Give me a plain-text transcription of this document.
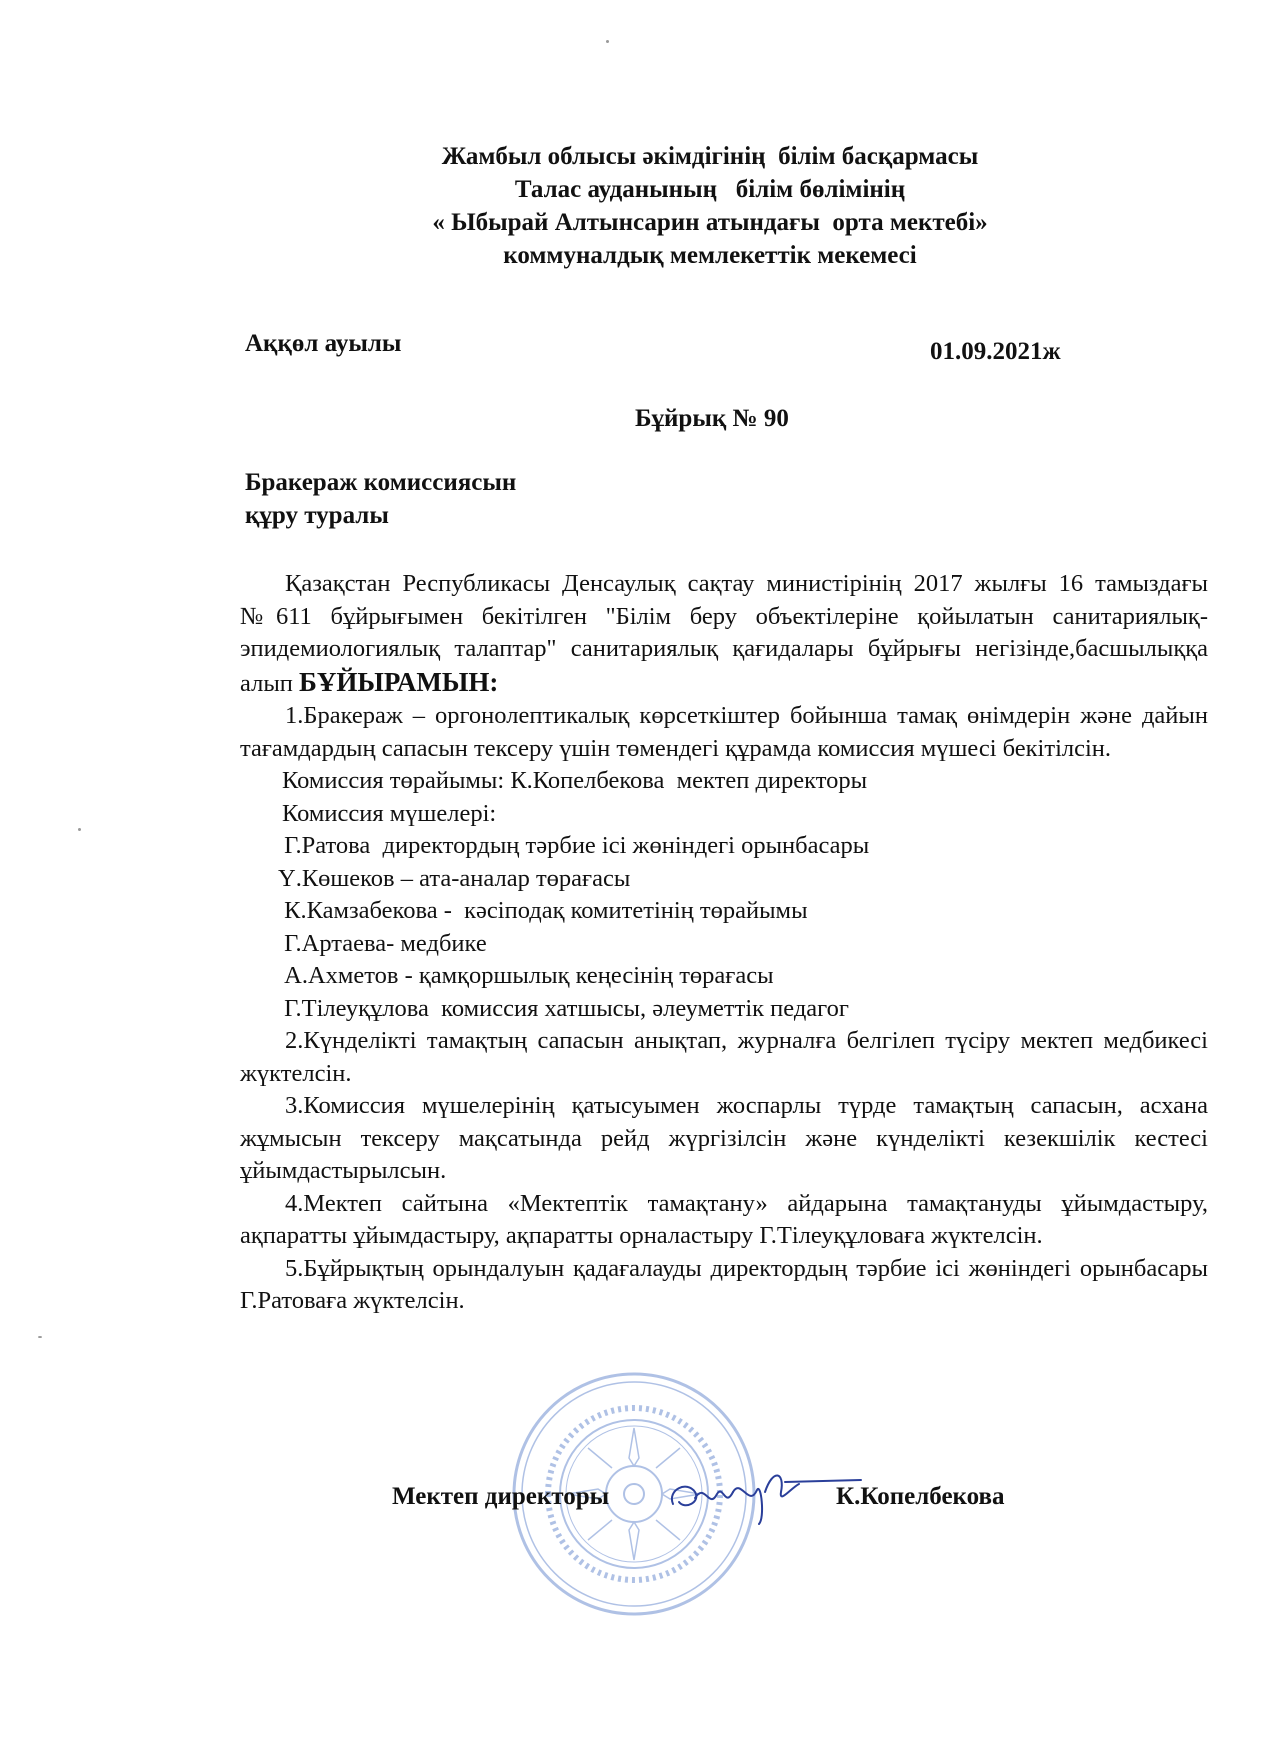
Жамбыл облысы әкімдігінің  білім басқармасы
Талас ауданының   білім бөлімінің
« Ыбырай Алтынсарин атындағы  орта мектебі»
коммуналдық мемлекеттік мекемесі
Аққөл ауылы	01.09.2021ж
Бұйрық № 90
Бракераж комиссиясын
құру туралы

Қазақстан Республикасы Денсаулық сақтау министірінің 2017 жылғы 16 тамыздағы №611 бұйрығымен бекітілген "Білім беру объектілеріне қойылатын санитариялық-эпидемиологиялық талаптар" санитариялық қағидалары бұйрығы негізінде,басшылыққа алып БҰЙЫРАМЫН:

1.Бракераж – оргонолептикалық көрсеткіштер бойынша тамақ өнімдерін және дайын тағамдардың сапасын тексеру үшін төмендегі құрамда комиссия мүшесі бекітілсін.

Комиссия төрайымы: К.Копелбекова  мектеп директоры

Комиссия мүшелері:

Г.Ратова  директордың тәрбие ісі жөніндегі орынбасары

Ү.Көшеков – ата-аналар төрағасы

К.Камзабекова -  кәсіподақ комитетінің төрайымы

Г.Артаева- медбике

А.Ахметов - қамқоршылық кеңесінің төрағасы

Г.Тілеуқұлова  комиссия хатшысы, әлеуметтік педагог

2.Күнделікті тамақтың сапасын анықтап, журналға белгілеп түсіру мектеп медбикесі жүктелсін.

3.Комиссия мүшелерінің қатысуымен жоспарлы түрде тамақтың сапасын, асхана жұмысын тексеру мақсатында рейд жүргізілсін және күнделікті кезекшілік кестесі ұйымдастырылсын.

4.Мектеп сайтына «Мектептік тамақтану» айдарына тамақтануды ұйымдастыру, ақпаратты ұйымдастыру, ақпаратты орналастыру Г.Тілеуқұловаға жүктелсін.

5.Бұйрықтың орындалуын қадағалауды директордың тәрбие ісі жөніндегі орынбасары Г.Ратоваға жүктелсін.

Мектеп директоры	К.Копелбекова
